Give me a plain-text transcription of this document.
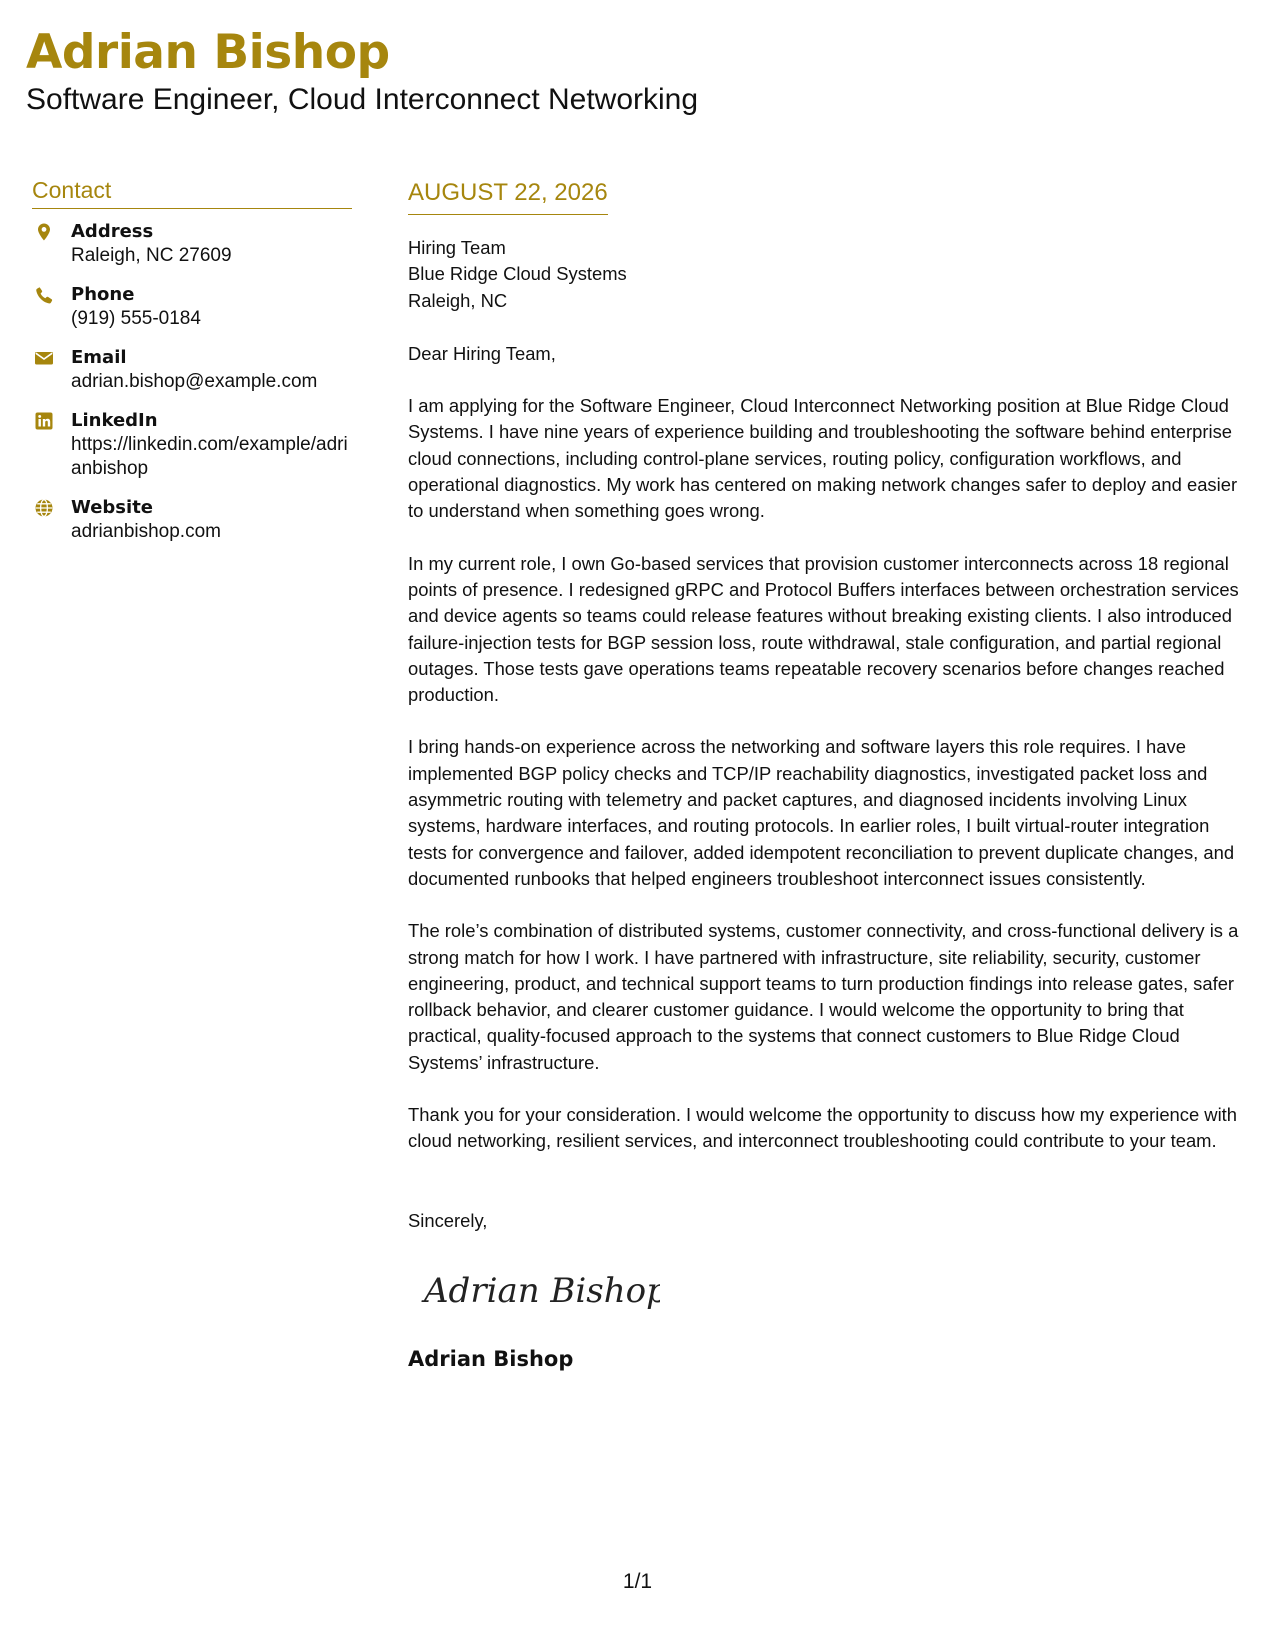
Adrian Bishop
Software Engineer, Cloud Interconnect Networking
Contact
Address
Raleigh, NC 27609
Phone
(919) 555-0184
Email
adrian.bishop@example.com
LinkedIn
https://linkedin.com/example/adrianbishop
Website
adrianbishop.com
AUGUST 22, 2026
Hiring Team
Blue Ridge Cloud Systems
Raleigh, NC
Dear Hiring Team,
I am applying for the Software Engineer, Cloud Interconnect Networking position at Blue Ridge Cloud Systems. I have nine years of experience building and troubleshooting the software behind enterprise cloud connections, including control-plane services, routing policy, configuration workflows, and operational diagnostics. My work has centered on making network changes safer to deploy and easier to understand when something goes wrong.
In my current role, I own Go-based services that provision customer interconnects across 18 regional points of presence. I redesigned gRPC and Protocol Buffers interfaces between orchestration services and device agents so teams could release features without breaking existing clients. I also introduced failure-injection tests for BGP session loss, route withdrawal, stale configuration, and partial regional outages. Those tests gave operations teams repeatable recovery scenarios before changes reached production.
I bring hands-on experience across the networking and software layers this role requires. I have implemented BGP policy checks and TCP/IP reachability diagnostics, investigated packet loss and asymmetric routing with telemetry and packet captures, and diagnosed incidents involving Linux systems, hardware interfaces, and routing protocols. In earlier roles, I built virtual-router integration tests for convergence and failover, added idempotent reconciliation to prevent duplicate changes, and documented runbooks that helped engineers troubleshoot interconnect issues consistently.
The role’s combination of distributed systems, customer connectivity, and cross-functional delivery is a strong match for how I work. I have partnered with infrastructure, site reliability, security, customer engineering, product, and technical support teams to turn production findings into release gates, safer rollback behavior, and clearer customer guidance. I would welcome the opportunity to bring that practical, quality-focused approach to the systems that connect customers to Blue Ridge Cloud Systems’ infrastructure.
Thank you for your consideration. I would welcome the opportunity to discuss how my experience with cloud networking, resilient services, and interconnect troubleshooting could contribute to your team.
Sincerely,
Adrian Bishop
Adrian Bishop
1/1
